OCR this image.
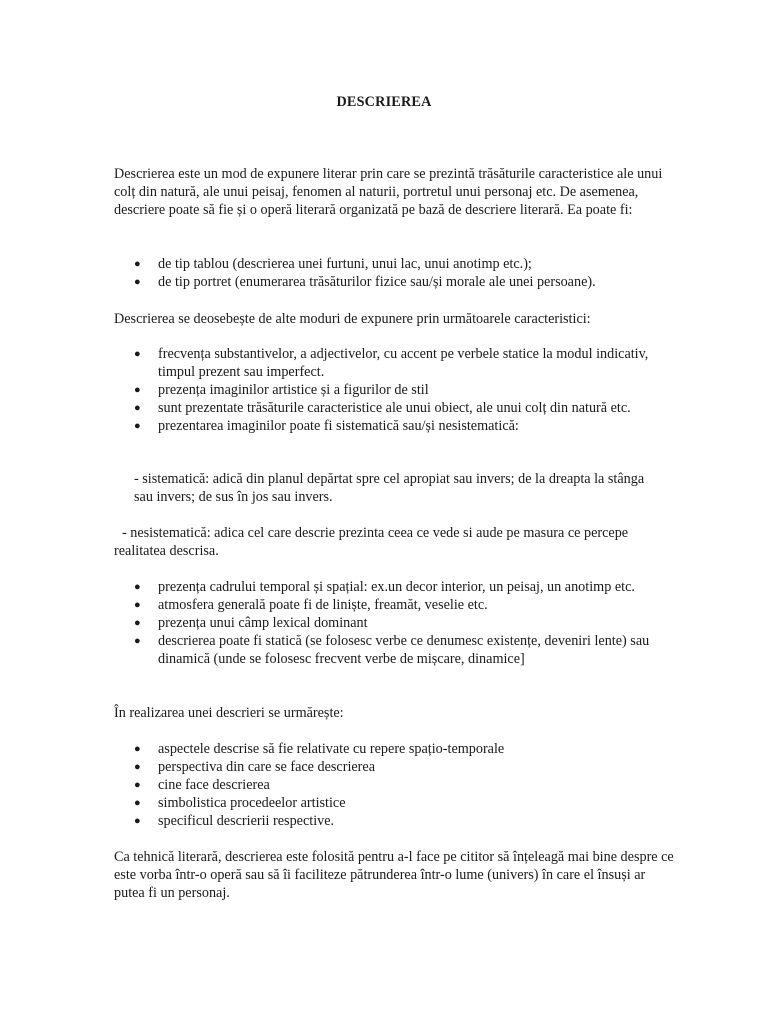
DESCRIEREA

Descrierea este un mod de expunere literar prin care se prezintă trăsăturile caracteristice ale unui colț din natură, ale unui peisaj, fenomen al naturii, portretul unui personaj etc. De asemenea, descriere poate să fie și o operă literară organizată pe bază de descriere literară. Ea poate fi:

● de tip tablou (descrierea unei furtuni, unui lac, unui anotimp etc.);
● de tip portret (enumerarea trăsăturilor fizice sau/și morale ale unei persoane).

Descrierea se deosebește de alte moduri de expunere prin următoarele caracteristici:

● frecvența substantivelor, a adjectivelor, cu accent pe verbele statice la modul indicativ, timpul prezent sau imperfect.
● prezența imaginilor artistice și a figurilor de stil
● sunt prezentate trăsăturile caracteristice ale unui obiect, ale unui colț din natură etc.
● prezentarea imaginilor poate fi sistematică sau/și nesistematică:

- sistematică: adică din planul depărtat spre cel apropiat sau invers; de la dreapta la stânga sau invers; de sus în jos sau invers.

- nesistematică: adica cel care descrie prezinta ceea ce vede si aude pe masura ce percepe realitatea descrisa.

● prezența cadrului temporal și spațial: ex.un decor interior, un peisaj, un anotimp etc.
● atmosfera generală poate fi de liniște, freamăt, veselie etc.
● prezența unui câmp lexical dominant
● descrierea poate fi statică (se folosesc verbe ce denumesc existențe, deveniri lente) sau dinamică (unde se folosesc frecvent verbe de mișcare, dinamice]

În realizarea unei descrieri se urmărește:

● aspectele descrise să fie relativate cu repere spațio-temporale
● perspectiva din care se face descrierea
● cine face descrierea
● simbolistica procedeelor artistice
● specificul descrierii respective.

Ca tehnică literară, descrierea este folosită pentru a-l face pe cititor să înțeleagă mai bine despre ce este vorba într-o operă sau să îi faciliteze pătrunderea într-o lume (univers) în care el însuși ar putea fi un personaj.
